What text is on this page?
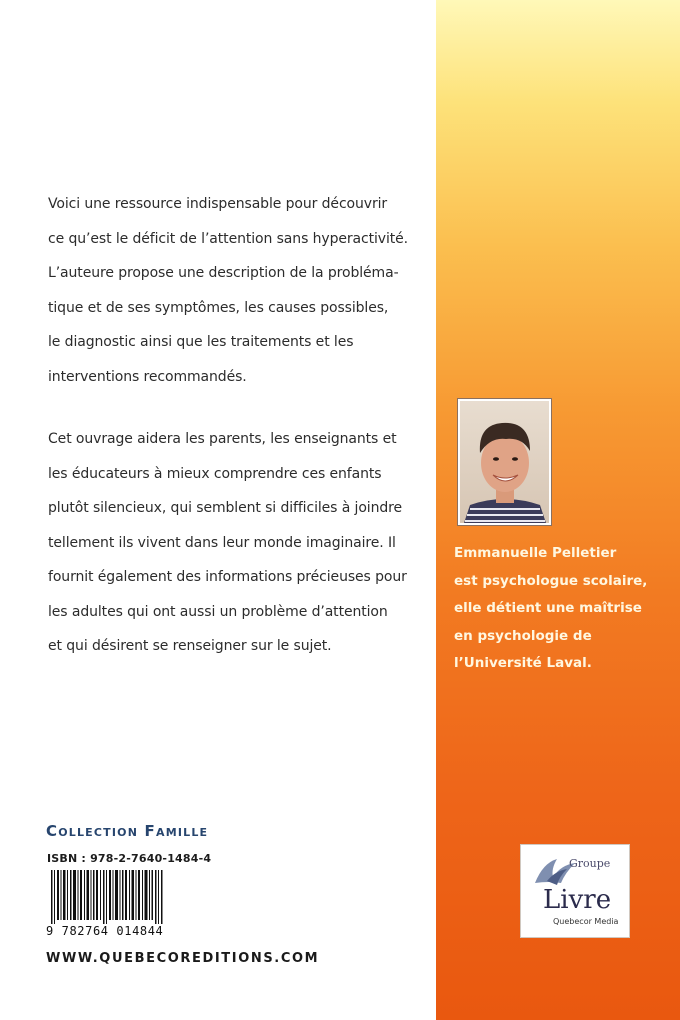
Voici une ressource indispensable pour découvrir
ce qu’est le déficit de l’attention sans hyperactivité.
L’auteure propose une description de la probléma-
tique et de ses symptômes, les causes possibles,
le diagnostic ainsi que les traitements et les
interventions recommandés.
Cet ouvrage aidera les parents, les enseignants et
les éducateurs à mieux comprendre ces enfants
plutôt silencieux, qui semblent si difficiles à joindre
tellement ils vivent dans leur monde imaginaire. Il
fournit également des informations précieuses pour
les adultes qui ont aussi un problème d’attention
et qui désirent se renseigner sur le sujet.
Collection Famille
ISBN : 978-2-7640-1484-4
9 782764 014844
WWW.QUEBECOREDITIONS.COM
Emmanuelle Pelletier
est psychologue scolaire,
elle détient une maîtrise
en psychologie de
l’Université Laval.
Groupe
Livre
Quebecor Media
